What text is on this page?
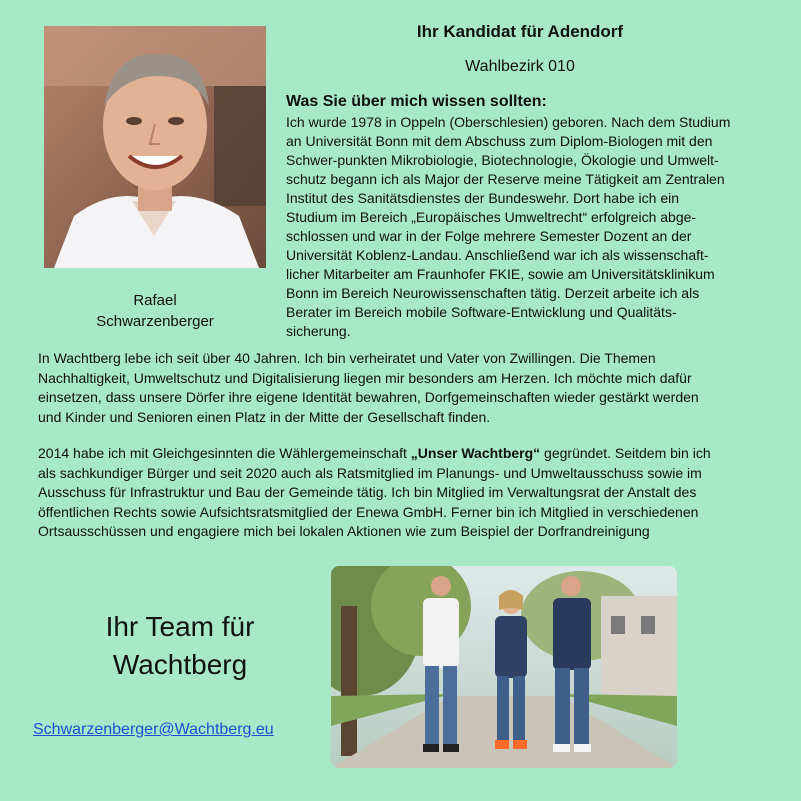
Rafael
Schwarzenberger
Ihr Kandidat für Adendorf
Wahlbezirk 010
Was Sie über mich wissen sollten:
Ich wurde 1978 in Oppeln (Oberschlesien) geboren. Nach dem Studium
an Universität Bonn mit dem Abschuss zum Diplom-Biologen mit den
Schwer-punkten Mikrobiologie, Biotechnologie, Ökologie und Umwelt-
schutz begann ich als Major der Reserve meine Tätigkeit am Zentralen
Institut des Sanitätsdienstes der Bundeswehr. Dort habe ich ein
Studium im Bereich „Europäisches Umweltrecht“ erfolgreich abge-
schlossen und war in der Folge mehrere Semester Dozent an der
Universität Koblenz-Landau. Anschließend war ich als wissenschaft-
licher Mitarbeiter am Fraunhofer FKIE, sowie am Universitätsklinikum
Bonn im Bereich Neurowissenschaften tätig. Derzeit arbeite ich als
Berater im Bereich mobile Software-Entwicklung und Qualitäts-
sicherung.
In Wachtberg lebe ich seit über 40 Jahren. Ich bin verheiratet und Vater von Zwillingen. Die Themen
Nachhaltigkeit, Umweltschutz und Digitalisierung liegen mir besonders am Herzen. Ich möchte mich dafür
einsetzen, dass unsere Dörfer ihre eigene Identität bewahren, Dorfgemeinschaften wieder gestärkt werden
und Kinder und Senioren einen Platz in der Mitte der Gesellschaft finden.
2014 habe ich mit Gleichgesinnten die Wählergemeinschaft „Unser Wachtberg“ gegründet. Seitdem bin ich
als sachkundiger Bürger und seit 2020 auch als Ratsmitglied im Planungs- und Umweltausschuss sowie im
Ausschuss für Infrastruktur und Bau der Gemeinde tätig. Ich bin Mitglied im Verwaltungsrat der Anstalt des
öffentlichen Rechts sowie Aufsichtsratsmitglied der Enewa GmbH. Ferner bin ich Mitglied in verschiedenen
Ortsausschüssen und engagiere mich bei lokalen Aktionen wie zum Beispiel der Dorfrandreinigung
Ihr Team für
Wachtberg
Schwarzenberger@Wachtberg.eu
